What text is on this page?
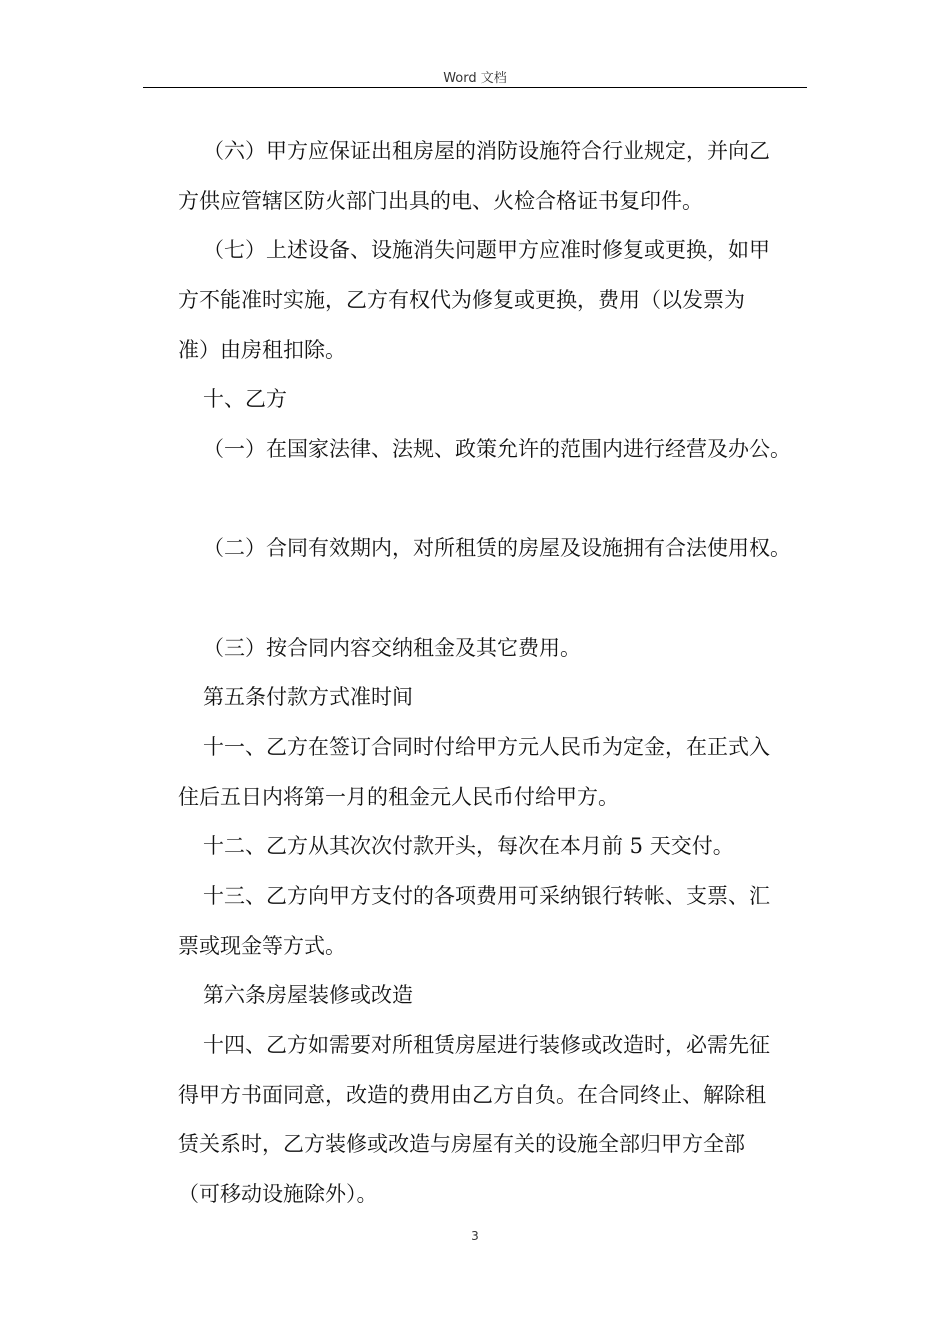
Word 文档
（六）甲方应保证出租房屋的消防设施符合行业规定，并向乙
方供应管辖区防火部门出具的电、火检合格证书复印件。
（七）上述设备、设施消失问题甲方应准时修复或更换，如甲
方不能准时实施，乙方有权代为修复或更换，费用（以发票为
准）由房租扣除。
十、乙方
（一）在国家法律、法规、政策允许的范围内进行经营及办公。
（二）合同有效期内，对所租赁的房屋及设施拥有合法使用权。
（三）按合同内容交纳租金及其它费用。
第五条付款方式准时间
十一、乙方在签订合同时付给甲方元人民币为定金，在正式入
住后五日内将第一月的租金元人民币付给甲方。
十二、乙方从其次次付款开头，每次在本月前 5 天交付。
十三、乙方向甲方支付的各项费用可采纳银行转帐、支票、汇
票或现金等方式。
第六条房屋装修或改造
十四、乙方如需要对所租赁房屋进行装修或改造时，必需先征
得甲方书面同意，改造的费用由乙方自负。在合同终止、解除租
赁关系时，乙方装修或改造与房屋有关的设施全部归甲方全部
（可移动设施除外）。
3
